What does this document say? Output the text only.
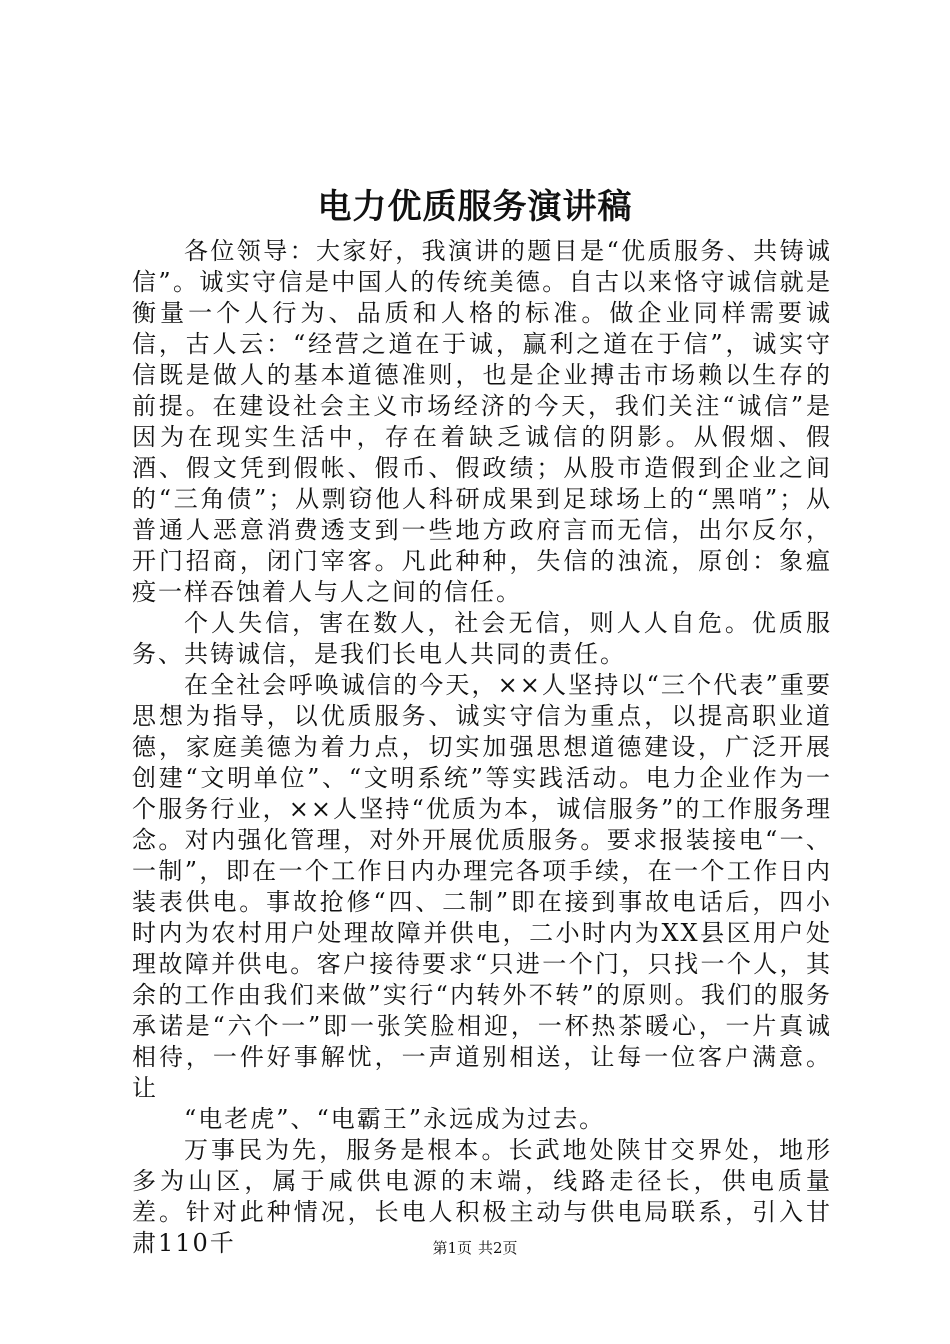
电力优质服务演讲稿

各位领导：大家好，我演讲的题目是“优质服务、共铸诚信”。诚实守信是中国人的传统美德。自古以来恪守诚信就是衡量一个人行为、品质和人格的标准。做企业同样需要诚信，古人云：“经营之道在于诚，赢利之道在于信”，诚实守信既是做人的基本道德准则，也是企业搏击市场赖以生存的前提。在建设社会主义市场经济的今天，我们关注“诚信”是因为在现实生活中，存在着缺乏诚信的阴影。从假烟、假酒、假文凭到假帐、假币、假政绩；从股市造假到企业之间的“三角债”；从剽窃他人科研成果到足球场上的“黑哨”；从普通人恶意消费透支到一些地方政府言而无信，出尔反尔，开门招商，闭门宰客。凡此种种，失信的浊流，原创：象瘟疫一样吞蚀着人与人之间的信任。

个人失信，害在数人，社会无信，则人人自危。优质服务、共铸诚信，是我们长电人共同的责任。

在全社会呼唤诚信的今天，××人坚持以“三个代表”重要思想为指导，以优质服务、诚实守信为重点，以提高职业道德，家庭美德为着力点，切实加强思想道德建设，广泛开展创建“文明单位”、“文明系统”等实践活动。电力企业作为一个服务行业，××人坚持“优质为本，诚信服务”的工作服务理念。对内强化管理，对外开展优质服务。要求报装接电“一、一制”，即在一个工作日内办理完各项手续，在一个工作日内装表供电。事故抢修“四、二制”即在接到事故电话后，四小时内为农村用户处理故障并供电，二小时内为XX县区用户处理故障并供电。客户接待要求“只进一个门，只找一个人，其余的工作由我们来做”实行“内转外不转”的原则。我们的服务承诺是“六个一”即一张笑脸相迎，一杯热茶暖心，一片真诚相待，一件好事解忧，一声道别相送，让每一位客户满意。让

“电老虎”、“电霸王”永远成为过去。

万事民为先，服务是根本。长武地处陕甘交界处，地形多为山区，属于咸供电源的末端，线路走径长，供电质量差。针对此种情况，长电人积极主动与供电局联系，引入甘肃110千	第1页 共2页
